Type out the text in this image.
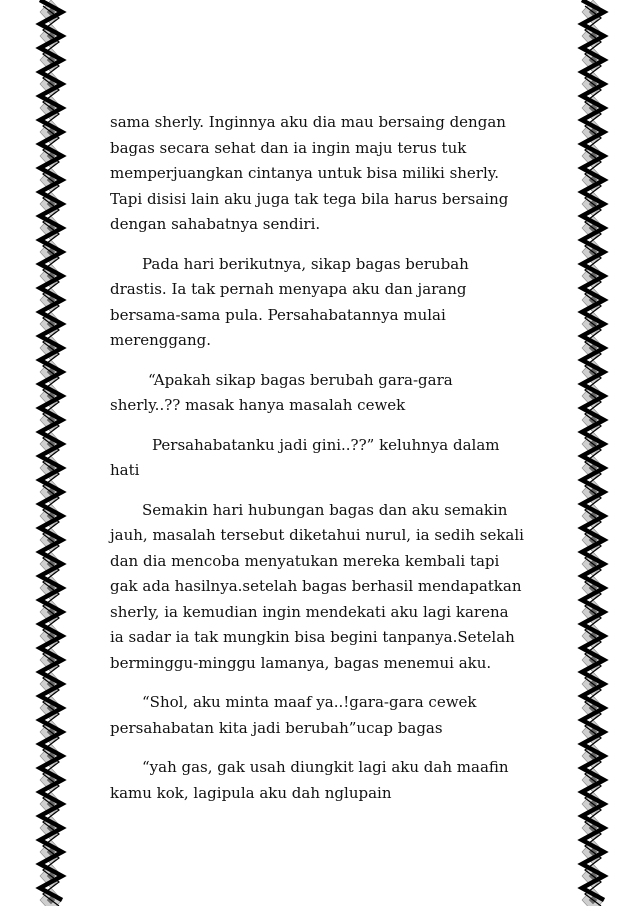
sama sherly. Inginnya aku dia mau bersaing dengan
bagas secara sehat dan ia ingin maju terus tuk
memperjuangkan cintanya untuk bisa miliki sherly.
Tapi disisi lain aku juga tak tega bila harus bersaing
dengan sahabatnya sendiri.

Pada hari berikutnya, sikap bagas berubah
drastis. Ia tak pernah menyapa aku dan jarang
bersama-sama pula. Persahabatannya mulai
merenggang.

“Apakah sikap bagas berubah gara-gara
sherly..?? masak hanya masalah cewek

Persahabatanku jadi gini..??” keluhnya dalam
hati

Semakin hari hubungan bagas dan aku semakin
jauh, masalah tersebut diketahui nurul, ia sedih sekali
dan dia mencoba menyatukan mereka kembali tapi
gak ada hasilnya.setelah bagas berhasil mendapatkan
sherly, ia kemudian ingin mendekati aku lagi karena
ia sadar ia tak mungkin bisa begini tanpanya.Setelah
berminggu-minggu lamanya, bagas menemui aku.

“Shol, aku minta maaf ya..!gara-gara cewek
persahabatan kita jadi berubah”ucap bagas

“yah gas, gak usah diungkit lagi aku dah maafin
kamu kok, lagipula aku dah nglupain
